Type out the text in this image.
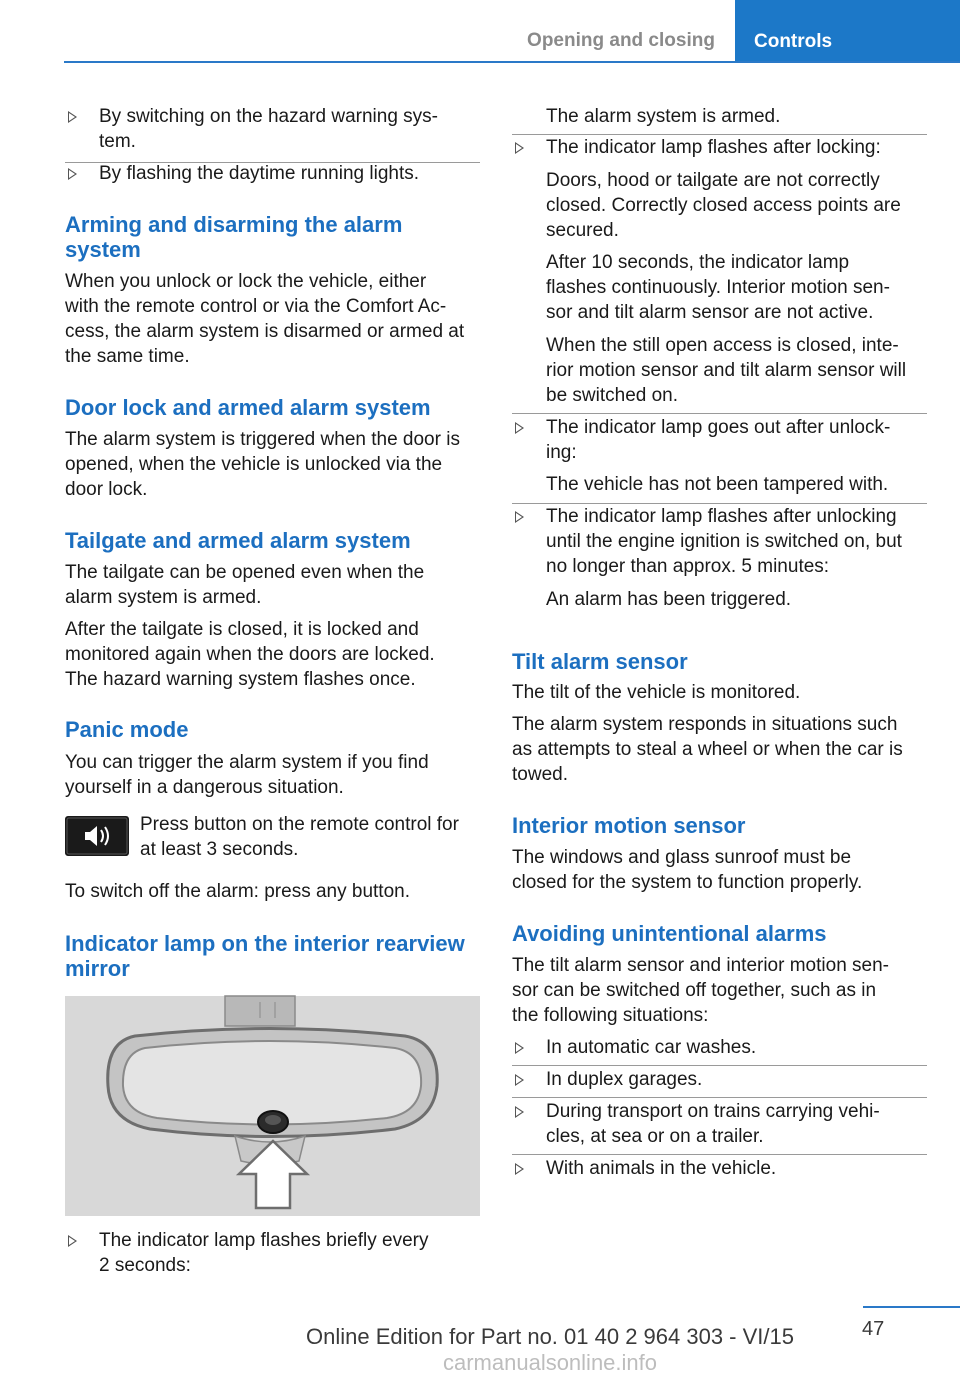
Opening and closing	Controls
By switching on the hazard warning sys‐
tem.
By flashing the daytime running lights.
Arming and disarming the alarm
system
When you unlock or lock the vehicle, either
with the remote control or via the Comfort Ac‐
cess, the alarm system is disarmed or armed at
the same time.
Door lock and armed alarm system
The alarm system is triggered when the door is
opened, when the vehicle is unlocked via the
door lock.
Tailgate and armed alarm system
The tailgate can be opened even when the
alarm system is armed.
After the tailgate is closed, it is locked and
monitored again when the doors are locked.
The hazard warning system flashes once.
Panic mode
You can trigger the alarm system if you find
yourself in a dangerous situation.
Press button on the remote control for
at least 3 seconds.
To switch off the alarm: press any button.
Indicator lamp on the interior rearview
mirror
The indicator lamp flashes briefly every
2 seconds:
The alarm system is armed.
The indicator lamp flashes after locking:
Doors, hood or tailgate are not correctly
closed. Correctly closed access points are
secured.
After 10 seconds, the indicator lamp
flashes continuously. Interior motion sen‐
sor and tilt alarm sensor are not active.
When the still open access is closed, inte‐
rior motion sensor and tilt alarm sensor will
be switched on.
The indicator lamp goes out after unlock‐
ing:
The vehicle has not been tampered with.
The indicator lamp flashes after unlocking
until the engine ignition is switched on, but
no longer than approx. 5 minutes:
An alarm has been triggered.
Tilt alarm sensor
The tilt of the vehicle is monitored.
The alarm system responds in situations such
as attempts to steal a wheel or when the car is
towed.
Interior motion sensor
The windows and glass sunroof must be
closed for the system to function properly.
Avoiding unintentional alarms
The tilt alarm sensor and interior motion sen‐
sor can be switched off together, such as in
the following situations:
In automatic car washes.
In duplex garages.
During transport on trains carrying vehi‐
cles, at sea or on a trailer.
With animals in the vehicle.
47
Online Edition for Part no. 01 40 2 964 303 - VI/15 carmanualsonline.info
